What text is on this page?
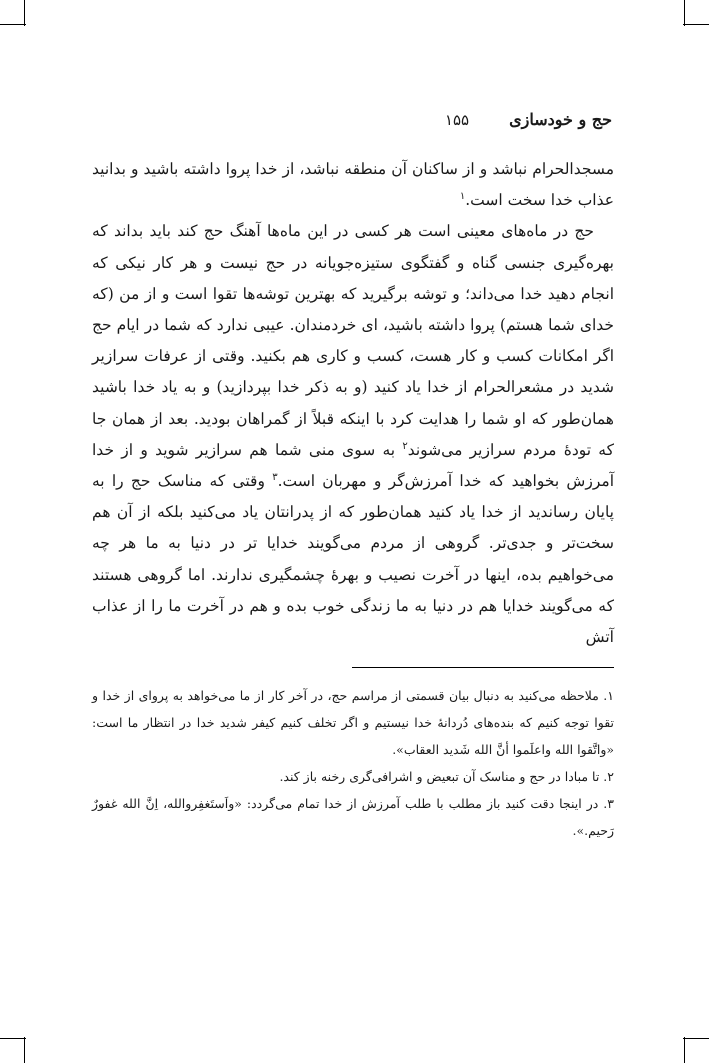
حج و خودسازی
۱۵۵

مسجدالحرام نباشد و از ساکنان آن منطقه نباشد، از خدا پروا داشته باشید و بدانید عذاب خدا سخت است.$^۱$

حج در ماه‌های معینی است هر کسی در این ماه‌ها آهنگ حج کند باید بداند که بهره‌گیری جنسی گناه و گفتگوی ستیزه‌جویانه در حج نیست و هر کار نیکی که انجام دهید خدا می‌داند؛ و توشه برگیرید که بهترین توشه‌ها تقوا است و از من (که خدای شما هستم) پروا داشته باشید، ای خردمندان. عیبی ندارد که شما در ایام حج اگر امکانات کسب و کار هست، کسب و کاری هم بکنید. وقتی از عرفات سرازیر شدید در مشعرالحرام از خدا یاد کنید (و به ذکر خدا بپردازید) و به یاد خدا باشید همان‌طور که او شما را هدایت کرد با اینکه قبلاً از گمراهان بودید. بعد از همان جا که تودهٔ مردم سرازیر می‌شوند$^۲$ به سوی منی شما هم سرازیر شوید و از خدا آمرزش بخواهید که خدا آمرزش‌گر و مهربان است.$^۳$ وقتی که مناسک حج را به پایان رساندید از خدا یاد کنید همان‌طور که از پدرانتان یاد می‌کنید بلکه از آن هم سخت‌تر و جدی‌تر. گروهی از مردم می‌گویند خدایا تر در دنیا به ما هر چه می‌خواهیم بده، اینها در آخرت نصیب و بهرهٔ چشمگیری ندارند. اما گروهی هستند که می‌گویند خدایا هم در دنیا به ما زندگی خوب بده و هم در آخرت ما را از عذاب آتش

۱. ملاحظه می‌کنید به دنبال بیان قسمتی از مراسم حج، در آخر کار از ما می‌خواهد به پروای از خدا و تقوا توجه کنیم که بنده‌های دُردانهٔ خدا نیستیم و اگر تخلف کنیم کیفر شدید خدا در انتظار ما است: «واتَّقوا الله واعلَموا أنَّ الله شَدید العقاب».

۲. تا مبادا در حج و مناسک آن تبعیض و اشرافی‌گری رخنه باز کند.

۳. در اینجا دقت کنید باز مطلب با طلب آمرزش از خدا تمام می‌گردد: «واَستَغفِروالله، اِنَّ الله غفورٌ رَحیم.».
